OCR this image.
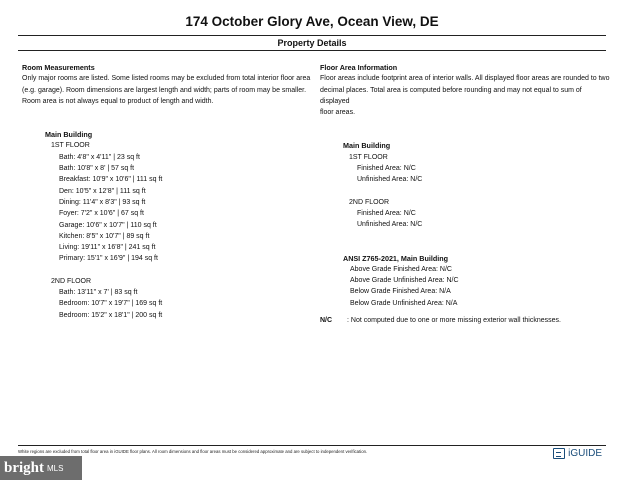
174 October Glory Ave, Ocean View, DE
Property Details
Room Measurements
Only major rooms are listed. Some listed rooms may be excluded from total interior floor area
(e.g. garage). Room dimensions are largest length and width; parts of room may be smaller.
Room area is not always equal to product of length and width.
Main Building
1ST FLOOR
Bath: 4'8" x 4'11" | 23 sq ft
Bath: 10'8" x 8' | 57 sq ft
Breakfast: 10'9" x 10'6" | 111 sq ft
Den: 10'5" x 12'8" | 111 sq ft
Dining: 11'4" x 8'3" | 93 sq ft
Foyer: 7'2" x 10'6" | 67 sq ft
Garage: 10'6" x 10'7" | 110 sq ft
Kitchen: 8'5" x 10'7" | 89 sq ft
Living: 19'11" x 16'8" | 241 sq ft
Primary: 15'1" x 16'9" | 194 sq ft
2ND FLOOR
Bath: 13'11" x 7' | 83 sq ft
Bedroom: 10'7" x 19'7" | 169 sq ft
Bedroom: 15'2" x 18'1" | 200 sq ft
Floor Area Information
Floor areas include footprint area of interior walls. All displayed floor areas are rounded to two
decimal places. Total area is computed before rounding and may not equal to sum of displayed
floor areas.
Main Building
1ST FLOOR
Finished Area: N/C
Unfinished Area: N/C
2ND FLOOR
Finished Area: N/C
Unfinished Area: N/C
ANSI Z765-2021, Main Building
Above Grade Finished Area: N/C
Above Grade Unfinished Area: N/C
Below Grade Finished Area: N/A
Below Grade Unfinished Area: N/A
N/C	: Not computed due to one or more missing exterior wall thicknesses.
White regions are excluded from total floor area in iGUIDE floor plans. All room dimensions and floor areas must be considered approximate and are subject to independent verification.	iGUIDE
bright MLS
